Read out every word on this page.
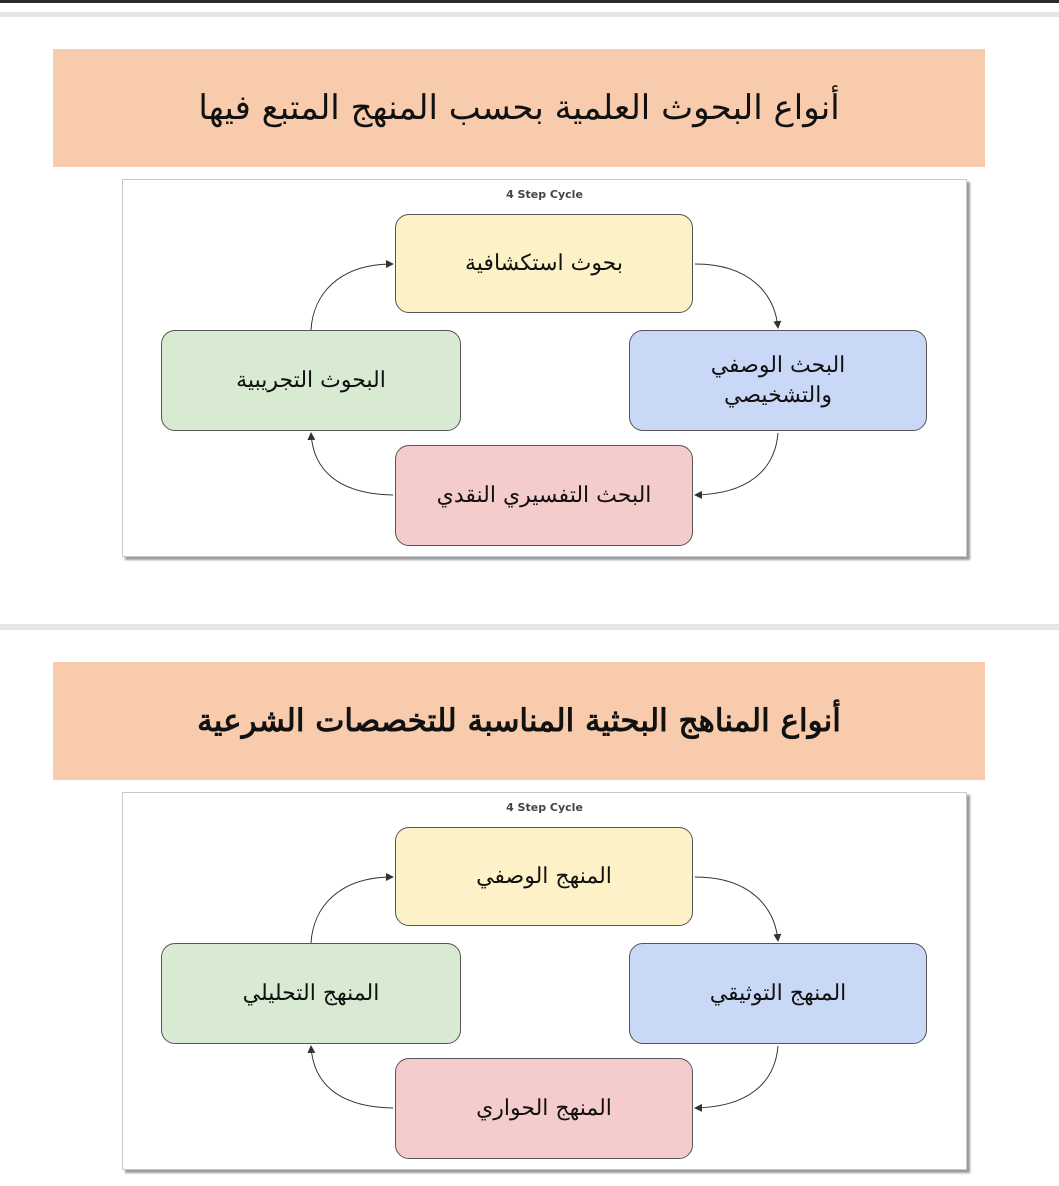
أنواع البحوث العلمية بحسب المنهج المتبع فيها
4 Step Cycle
بحوث استكشافية
البحث الوصفي
والتشخيصي
البحث التفسيري النقدي
البحوث التجريبية
أنواع المناهج البحثية المناسبة للتخصصات الشرعية
4 Step Cycle
المنهج الوصفي
المنهج التوثيقي
المنهج الحواري
المنهج التحليلي
